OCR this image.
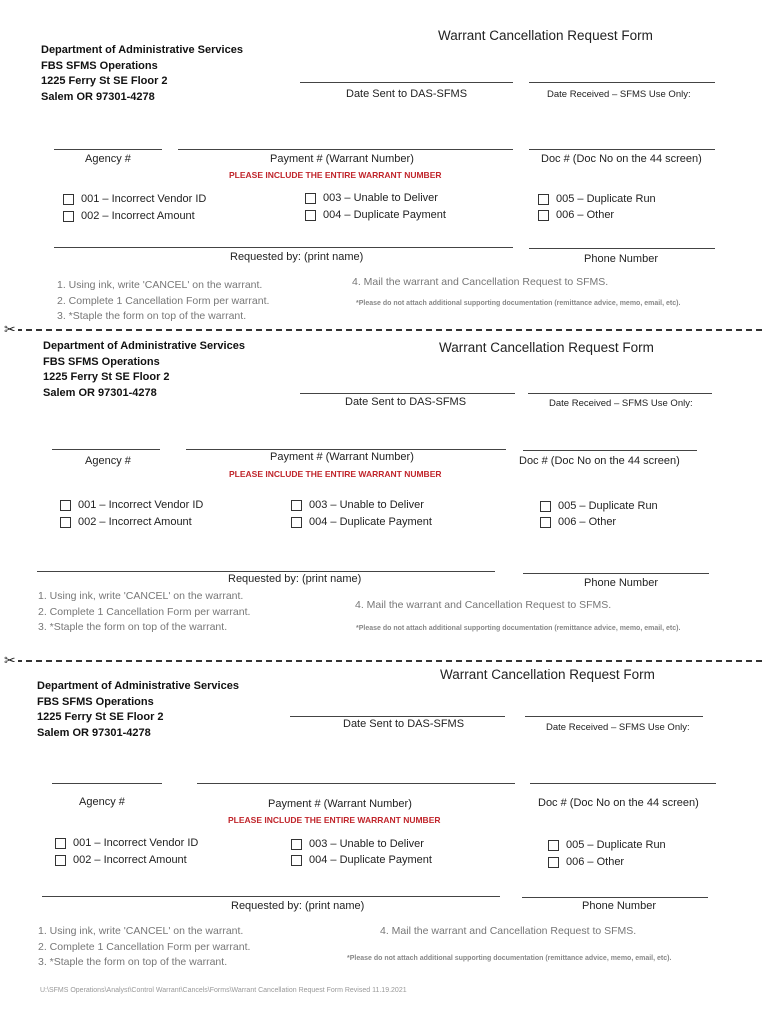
Warrant Cancellation Request Form
Department of Administrative Services
FBS SFMS Operations
1225 Ferry St SE Floor 2
Salem OR 97301-4278	Date Sent to DAS-SFMS	Date Received – SFMS Use Only:
Agency #	Payment # (Warrant Number)
PLEASE INCLUDE THE ENTIRE WARRANT NUMBER
Doc # (Doc No on the 44 screen)
001 – Incorrect Vendor ID
002 – Incorrect Amount
003 – Unable to Deliver
004 – Duplicate Payment
005 – Duplicate Run
006 – Other
Requested by: (print name)	Phone Number
1. Using ink, write 'CANCEL' on the warrant.
2. Complete 1 Cancellation Form per warrant.
3. *Staple the form on top of the warrant.
4. Mail the warrant and Cancellation Request to SFMS.
*Please do not attach additional supporting documentation (remittance advice, memo, email, etc).
✂
Warrant Cancellation Request Form
Department of Administrative Services
FBS SFMS Operations
1225 Ferry St SE Floor 2
Salem OR 97301-4278
Date Sent to DAS-SFMS	Date Received – SFMS Use Only:
Agency #	Payment # (Warrant Number)
PLEASE INCLUDE THE ENTIRE WARRANT NUMBER
Doc # (Doc No on the 44 screen)
001 – Incorrect Vendor ID
002 – Incorrect Amount
003 – Unable to Deliver
004 – Duplicate Payment
005 – Duplicate Run
006 – Other
Requested by: (print name)	Phone Number
1. Using ink, write 'CANCEL' on the warrant.
2. Complete 1 Cancellation Form per warrant.
3. *Staple the form on top of the warrant.
4. Mail the warrant and Cancellation Request to SFMS.
*Please do not attach additional supporting documentation (remittance advice, memo, email, etc).
✂
Warrant Cancellation Request Form
Department of Administrative Services
FBS SFMS Operations
1225 Ferry St SE Floor 2
Salem OR 97301-4278
Date Sent to DAS-SFMS	Date Received – SFMS Use Only:
Agency #	Payment # (Warrant Number)
PLEASE INCLUDE THE ENTIRE WARRANT NUMBER
Doc # (Doc No on the 44 screen)
001 – Incorrect Vendor ID
002 – Incorrect Amount
003 – Unable to Deliver
004 – Duplicate Payment
005 – Duplicate Run
006 – Other
Requested by: (print name)	Phone Number
1. Using ink, write 'CANCEL' on the warrant.
2. Complete 1 Cancellation Form per warrant.
3. *Staple the form on top of the warrant.
4. Mail the warrant and Cancellation Request to SFMS.
*Please do not attach additional supporting documentation (remittance advice, memo, email, etc).
U:\SFMS Operations\Analyst\Control Warrant\Cancels\Forms\Warrant Cancellation Request Form Revised 11.19.2021
